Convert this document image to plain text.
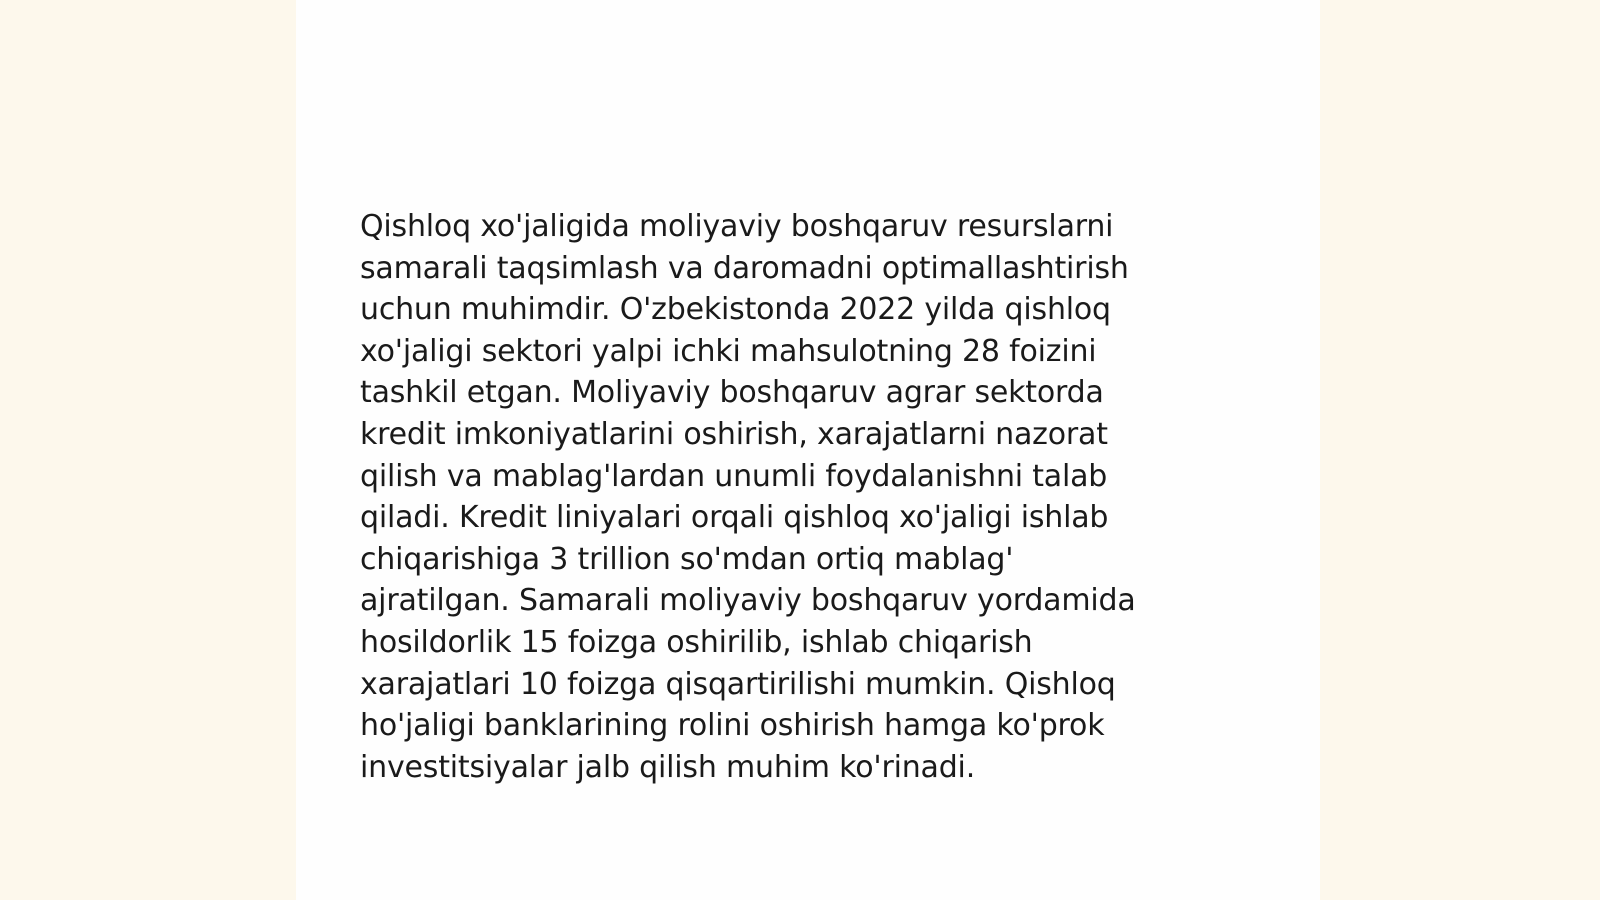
Qishloq xo'jaligida moliyaviy boshqaruv resurslarni
samarali taqsimlash va daromadni optimallashtirish
uchun muhimdir. O'zbekistonda 2022 yilda qishloq
xo'jaligi sektori yalpi ichki mahsulotning 28 foizini
tashkil etgan. Moliyaviy boshqaruv agrar sektorda
kredit imkoniyatlarini oshirish, xarajatlarni nazorat
qilish va mablag'lardan unumli foydalanishni talab
qiladi. Kredit liniyalari orqali qishloq xo'jaligi ishlab
chiqarishiga 3 trillion so'mdan ortiq mablag'
ajratilgan. Samarali moliyaviy boshqaruv yordamida
hosildorlik 15 foizga oshirilib, ishlab chiqarish
xarajatlari 10 foizga qisqartirilishi mumkin. Qishloq
ho'jaligi banklarining rolini oshirish hamga ko'prok
investitsiyalar jalb qilish muhim ko'rinadi.
